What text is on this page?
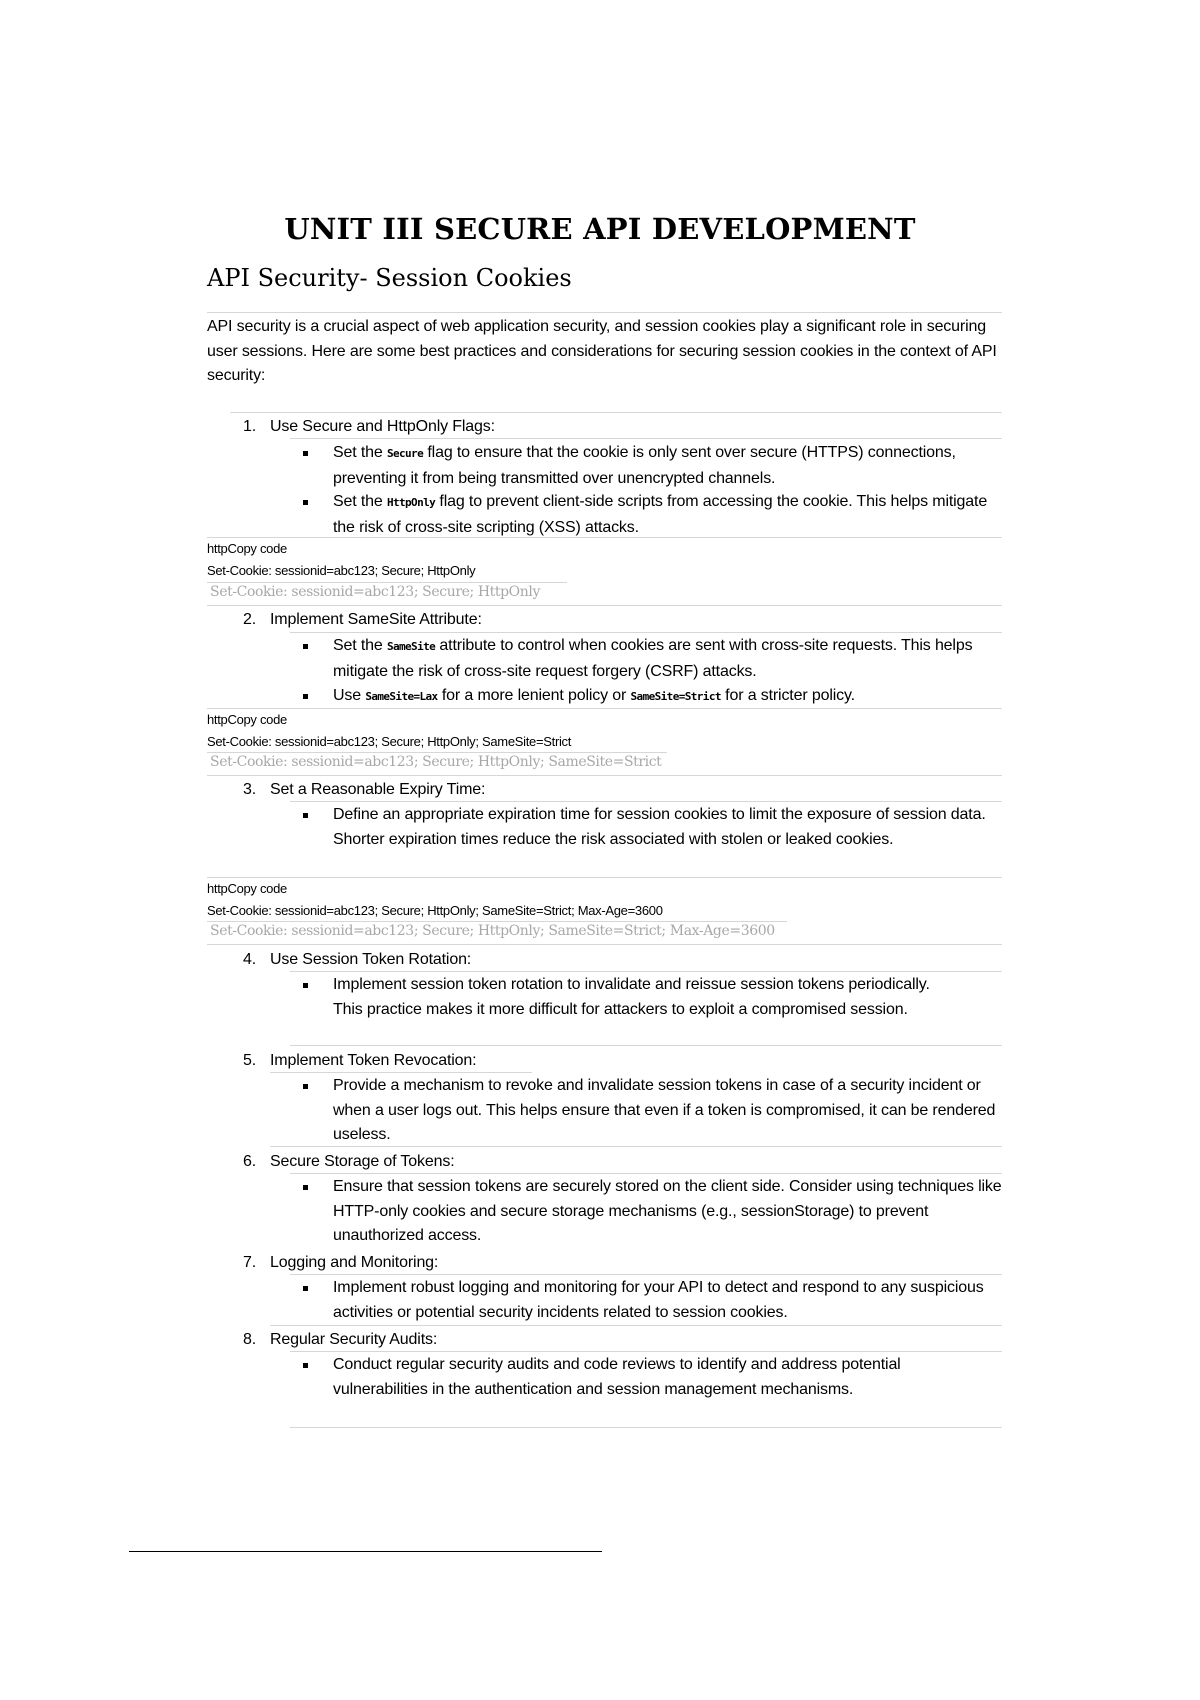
UNIT III SECURE API DEVELOPMENT
API Security- Session Cookies

API security is a crucial aspect of web application security, and session cookies play a significant role in securing user sessions. Here are some best practices and considerations for securing session cookies in the context of API security:

1. Use Secure and HttpOnly Flags:
Set the Secure flag to ensure that the cookie is only sent over secure (HTTPS) connections, preventing it from being transmitted over unencrypted channels.
Set the HttpOnly flag to prevent client-side scripts from accessing the cookie. This helps mitigate the risk of cross-site scripting (XSS) attacks.
httpCopy code
Set-Cookie: sessionid=abc123; Secure; HttpOnly
Set-Cookie: sessionid=abc123; Secure; HttpOnly
2. Implement SameSite Attribute:
Set the SameSite attribute to control when cookies are sent with cross-site requests. This helps mitigate the risk of cross-site request forgery (CSRF) attacks.
Use SameSite=Lax for a more lenient policy or SameSite=Strict for a stricter policy.
httpCopy code
Set-Cookie: sessionid=abc123; Secure; HttpOnly; SameSite=Strict
Set-Cookie: sessionid=abc123; Secure; HttpOnly; SameSite=Strict
3. Set a Reasonable Expiry Time:
Define an appropriate expiration time for session cookies to limit the exposure of session data. Shorter expiration times reduce the risk associated with stolen or leaked cookies.
httpCopy code
Set-Cookie: sessionid=abc123; Secure; HttpOnly; SameSite=Strict; Max-Age=3600
Set-Cookie: sessionid=abc123; Secure; HttpOnly; SameSite=Strict; Max-Age=3600
4. Use Session Token Rotation:
Implement session token rotation to invalidate and reissue session tokens periodically. This practice makes it more difficult for attackers to exploit a compromised session.
5. Implement Token Revocation:
Provide a mechanism to revoke and invalidate session tokens in case of a security incident or when a user logs out. This helps ensure that even if a token is compromised, it can be rendered useless.
6. Secure Storage of Tokens:
Ensure that session tokens are securely stored on the client side. Consider using techniques like HTTP-only cookies and secure storage mechanisms (e.g., sessionStorage) to prevent unauthorized access.
7. Logging and Monitoring:
Implement robust logging and monitoring for your API to detect and respond to any suspicious activities or potential security incidents related to session cookies.
8. Regular Security Audits:
Conduct regular security audits and code reviews to identify and address potential vulnerabilities in the authentication and session management mechanisms.
